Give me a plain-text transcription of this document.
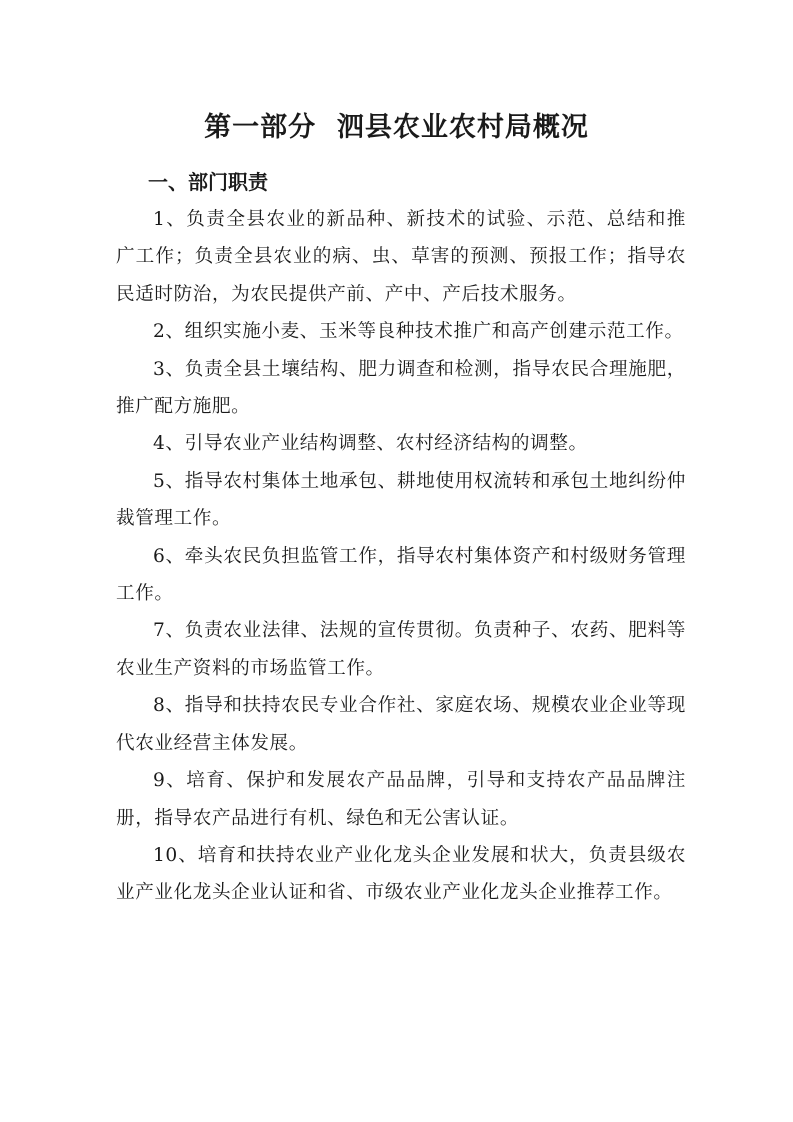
第一部分  泗县农业农村局概况
一、部门职责

1、负责全县农业的新品种、新技术的试验、示范、总结和推  广工作；负责全县农业的病、虫、草害的预测、预报工作；指导农  民适时防治，为农民提供产前、产中、产后技术服务。

2、组织实施小麦、玉米等良种技术推广和高产创建示范工作。

3、负责全县土壤结构、肥力调查和检测，指导农民合理施肥，推广配方施肥。

4、引导农业产业结构调整、农村经济结构的调整。

5、指导农村集体土地承包、耕地使用权流转和承包土地纠纷仲裁管理工作。

6、牵头农民负担监管工作，指导农村集体资产和村级财务管理工作。

7、负责农业法律、法规的宣传贯彻。负责种子、农药、肥料等农业生产资料的市场监管工作。

8、指导和扶持农民专业合作社、家庭农场、规模农业企业等现代农业经营主体发展。

9、培育、保护和发展农产品品牌，引导和支持农产品品牌注册，指导农产品进行有机、绿色和无公害认证。

10、培育和扶持农业产业化龙头企业发展和状大，负责县级农  业产业化龙头企业认证和省、市级农业产业化龙头企业推荐工作。
